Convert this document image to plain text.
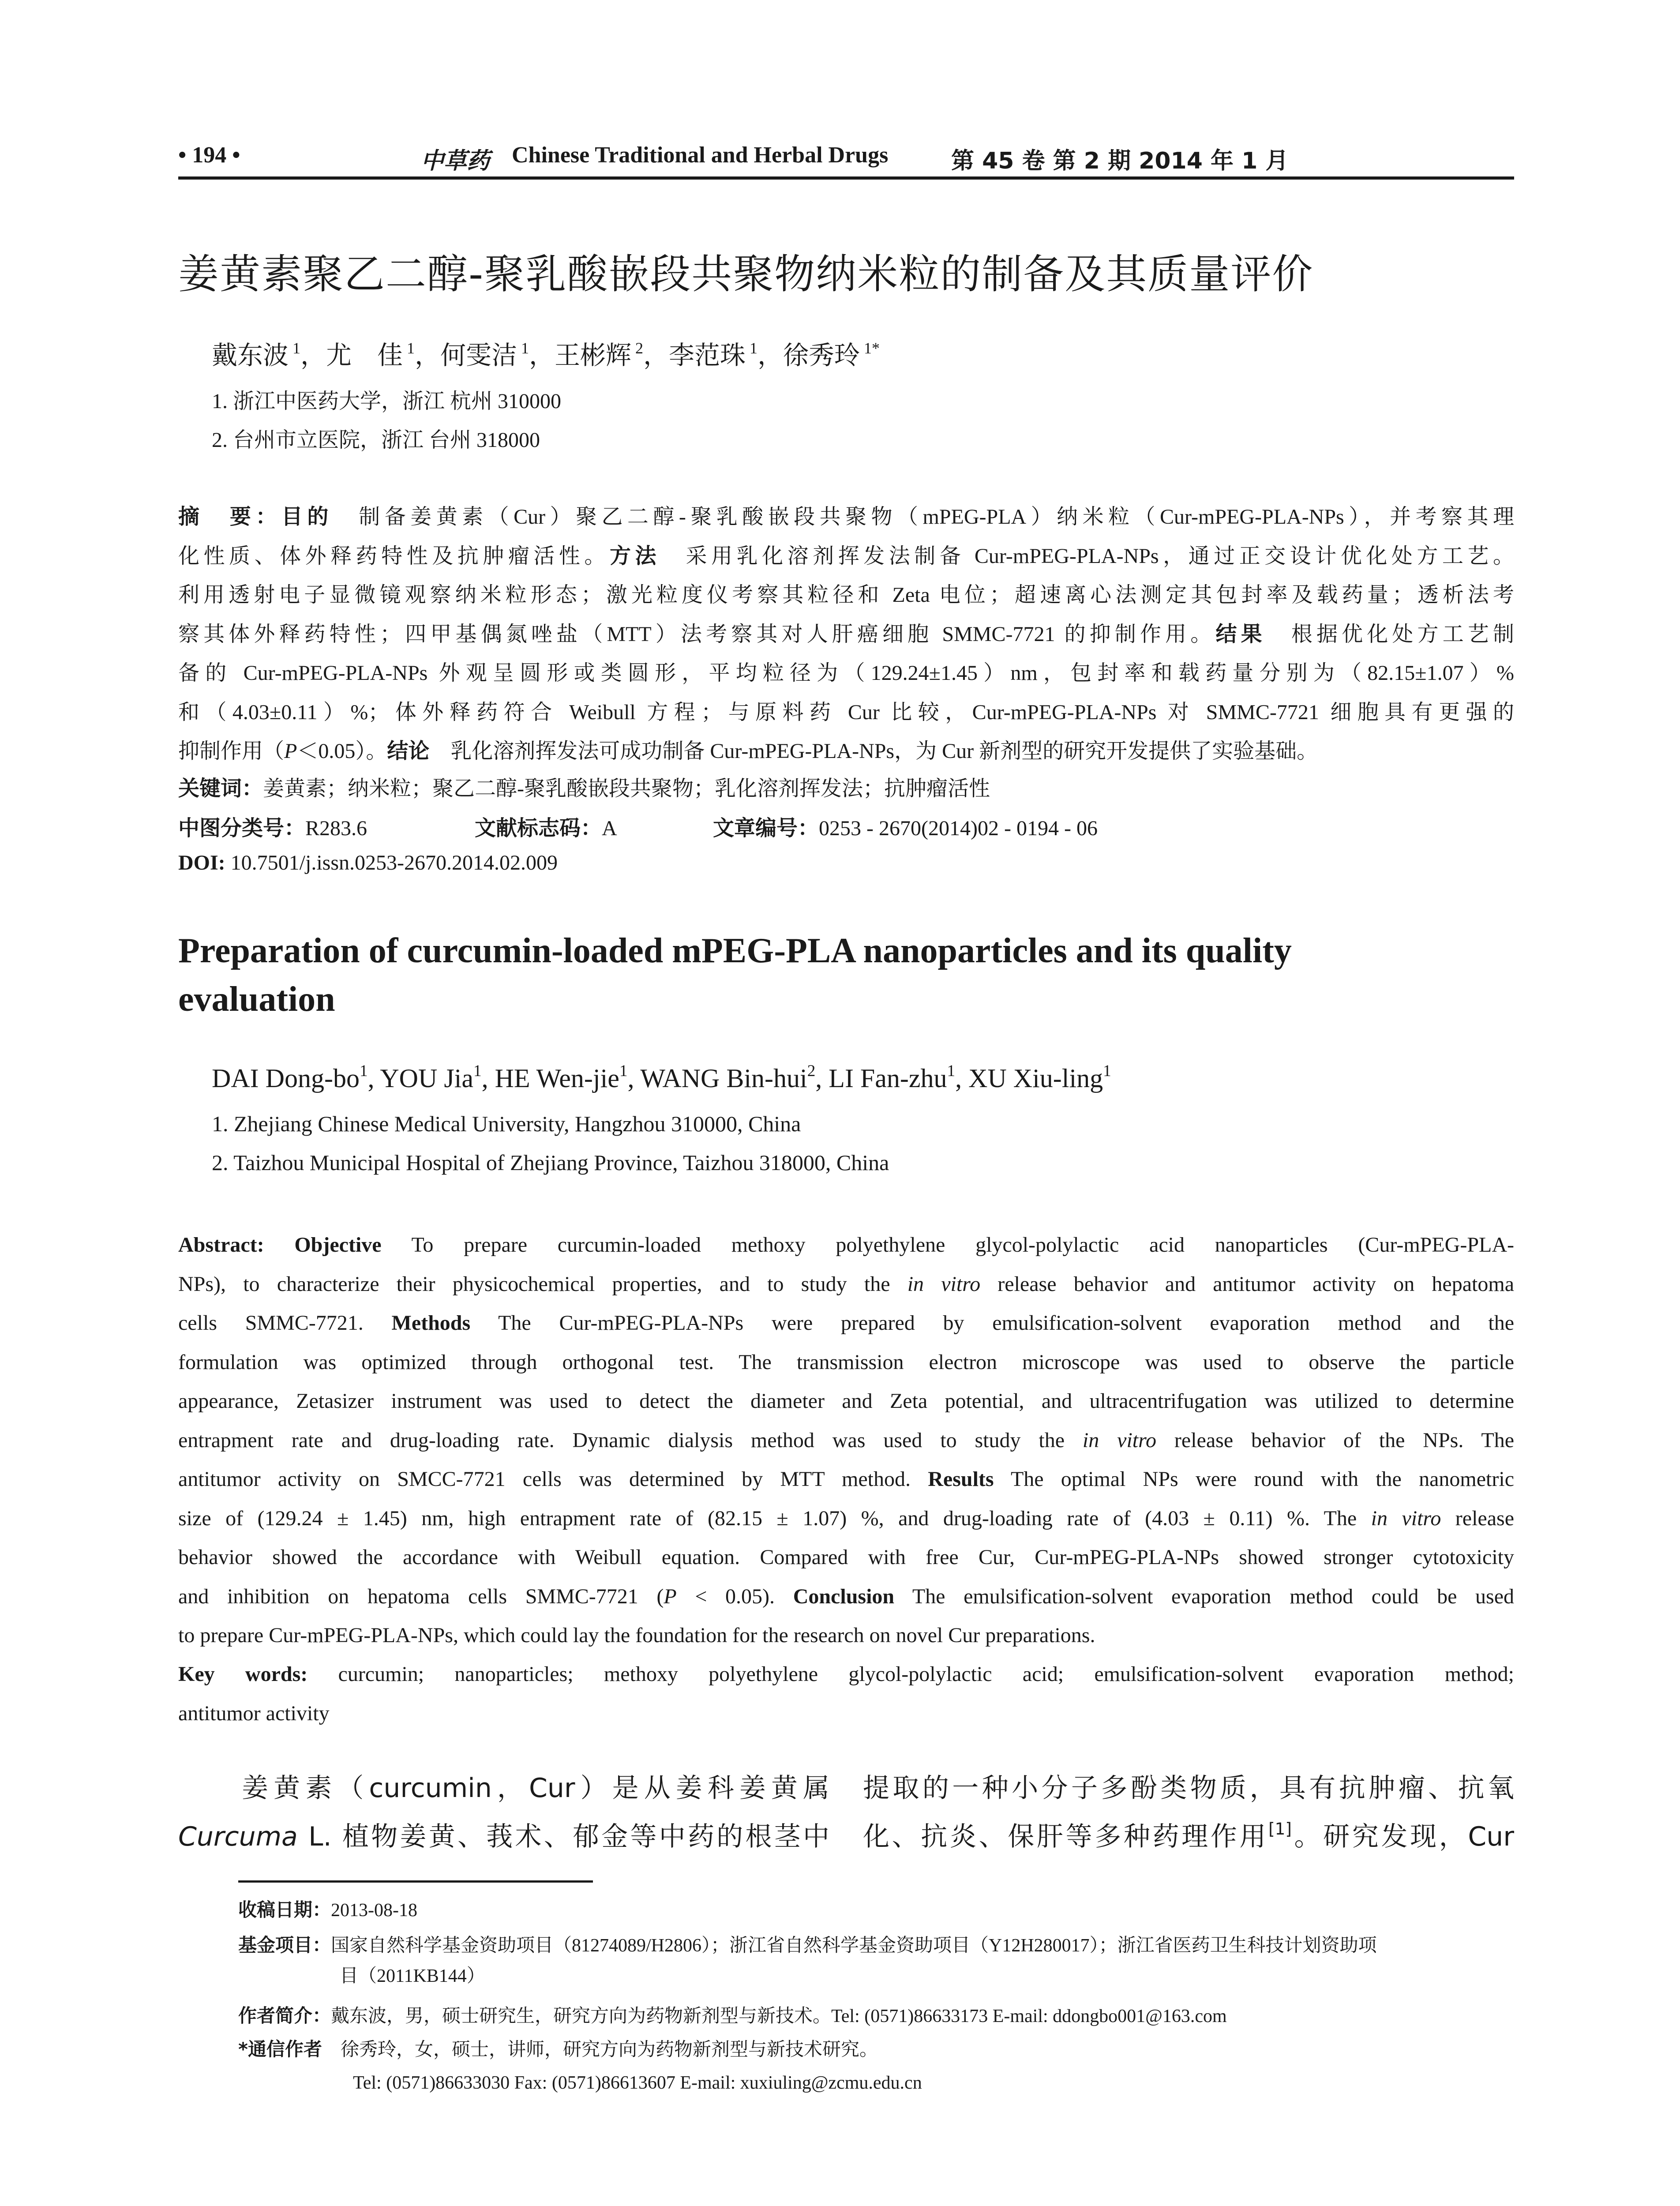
• 194 •	中草药 Chinese Traditional and Herbal Drugs	第 45 卷 第 2 期 2014 年 1 月
姜黄素聚乙二醇-聚乳酸嵌段共聚物纳米粒的制备及其质量评价
戴东波 $^1$，尤　佳 $^1$，何雯洁 $^1$，王彬辉 $^2$，李范珠 $^1$，徐秀玲 $^{1*}$
1. 浙江中医药大学，浙江 杭州 310000
2. 台州市立医院，浙江 台州 318000
摘　要：目的　制备姜黄素（Cur）聚乙二醇-聚乳酸嵌段共聚物（mPEG-PLA）纳米粒（Cur-mPEG-PLA-NPs），并考察其理
化性质、体外释药特性及抗肿瘤活性。方法　采用乳化溶剂挥发法制备 Cur-mPEG-PLA-NPs，通过正交设计优化处方工艺。
利用透射电子显微镜观察纳米粒形态；激光粒度仪考察其粒径和 Zeta 电位；超速离心法测定其包封率及载药量；透析法考
察其体外释药特性；四甲基偶氮唑盐（MTT）法考察其对人肝癌细胞 SMMC-7721 的抑制作用。结果　根据优化处方工艺制
备的 Cur-mPEG-PLA-NPs 外观呈圆形或类圆形，平均粒径为（129.24±1.45）nm，包封率和载药量分别为（82.15±1.07）%
和（4.03±0.11）%；体外释药符合 Weibull 方程；与原料药 Cur 比较，Cur-mPEG-PLA-NPs 对 SMMC-7721 细胞具有更强的
抑制作用（P＜0.05）。结论　乳化溶剂挥发法可成功制备 Cur-mPEG-PLA-NPs，为 Cur 新剂型的研究开发提供了实验基础。
关键词：姜黄素；纳米粒；聚乙二醇-聚乳酸嵌段共聚物；乳化溶剂挥发法；抗肿瘤活性
中图分类号：R283.6	文献标志码：A	文章编号：0253 - 2670(2014)02 - 0194 - 06
DOI: 10.7501/j.issn.0253-2670.2014.02.009
Preparation of curcumin-loaded mPEG-PLA nanoparticles and its quality
evaluation
DAI Dong-$bo^1$, YOU Jia$^1$, HE Wen-jie$^1$, WANG Bin-hui$^2$, LI Fan-zhu$^1$, XU Xiu-ling$^1$
1. Zhejiang Chinese Medical University, Hangzhou 310000, China
2. Taizhou Municipal Hospital of Zhejiang Province, Taizhou 318000, China
Abstract: Objective To prepare curcumin-loaded methoxy polyethylene glycol-polylactic acid nanoparticles (Cur-mPEG-PLA-
NPs), to characterize their physicochemical properties, and to study the in vitro release behavior and antitumor activity on hepatoma
cells SMMC-7721. Methods The Cur-mPEG-PLA-NPs were prepared by emulsification-solvent evaporation method and the
formulation was optimized through orthogonal test. The transmission electron microscope was used to observe the particle
appearance, Zetasizer instrument was used to detect the diameter and Zeta potential, and ultracentrifugation was utilized to determine
entrapment rate and drug-loading rate. Dynamic dialysis method was used to study the in vitro release behavior of the NPs. The
antitumor activity on SMCC-7721 cells was determined by MTT method. Results The optimal NPs were round with the nanometric
size of (129.24 ± 1.45) nm, high entrapment rate of (82.15 ± 1.07) %, and drug-loading rate of (4.03 ± 0.11) %. The in vitro release
behavior showed the accordance with Weibull equation. Compared with free Cur, Cur-mPEG-PLA-NPs showed stronger cytotoxicity
and inhibition on hepatoma cells SMMC-7721 (P < 0.05). Conclusion The emulsification-solvent evaporation method could be used
to prepare Cur-mPEG-PLA-NPs, which could lay the foundation for the research on novel Cur preparations.
Key words: curcumin; nanoparticles; methoxy polyethylene glycol-polylactic acid; emulsification-solvent evaporation method;
antitumor activity
　　姜黄素（curcumin，Cur）是从姜科姜黄属
Curcuma L. 植物姜黄、莪术、郁金等中药的根茎中
提取的一种小分子多酚类物质，具有抗肿瘤、抗氧
化、抗炎、保肝等多种药理作用[1]。研究发现，Cur
收稿日期：2013-08-18
基金项目：国家自然科学基金资助项目（81274089/H2806）；浙江省自然科学基金资助项目（Y12H280017）；浙江省医药卫生科技计划资助项
目（2011KB144）
作者简介：戴东波，男，硕士研究生，研究方向为药物新剂型与新技术。Tel: (0571)86633173 E-mail: ddongbo001@163.com
*通信作者　 徐秀玲，女，硕士，讲师，研究方向为药物新剂型与新技术研究。
Tel: (0571)86633030 Fax: (0571)86613607 E-mail: xuxiuling@zcmu.edu.cn
